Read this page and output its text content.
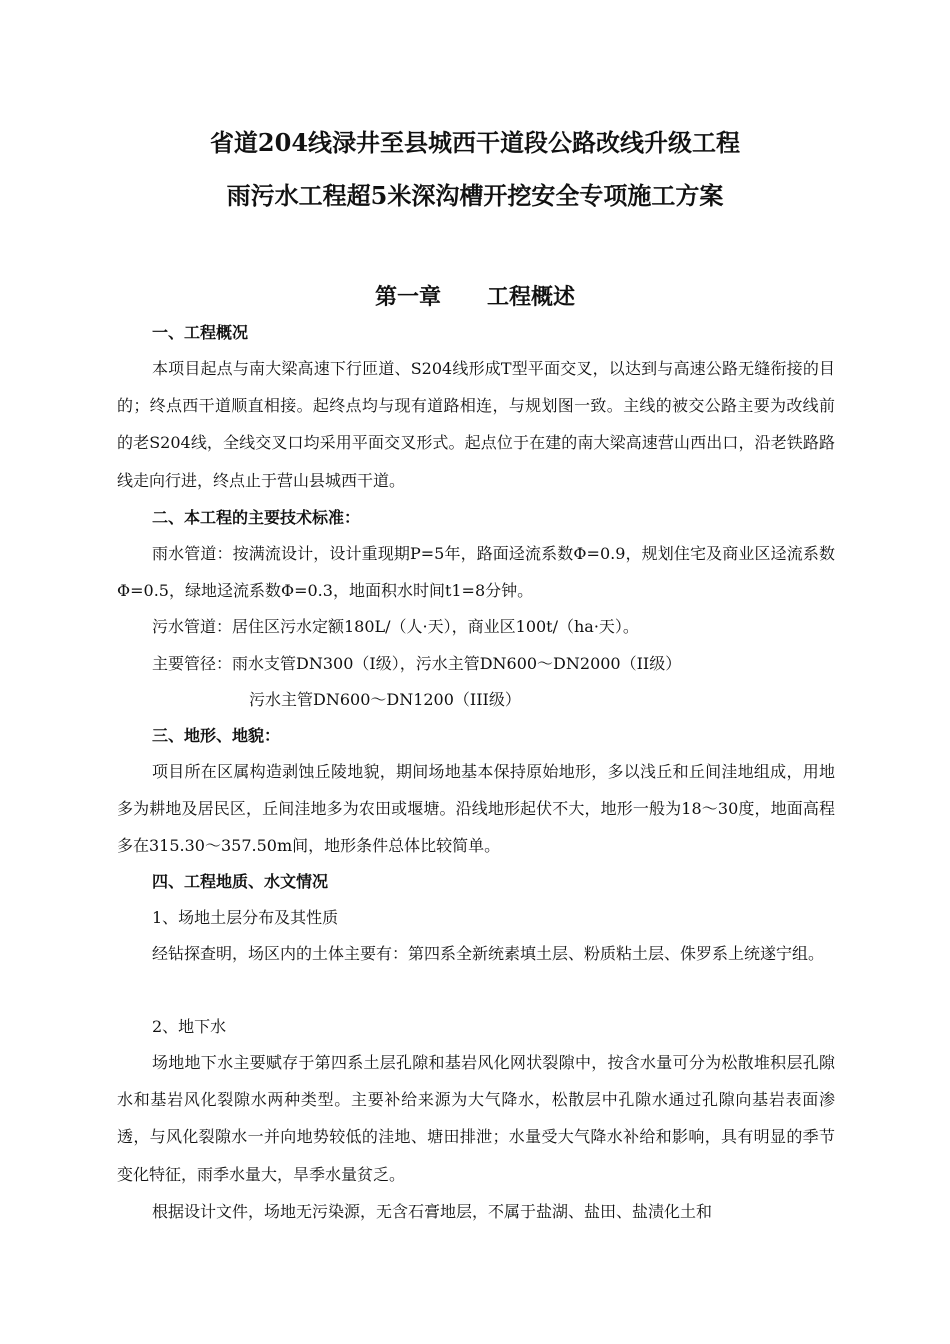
省道204线渌井至县城西干道段公路改线升级工程
雨污水工程超5米深沟槽开挖安全专项施工方案
第一章      工程概述
一、工程概况

本项目起点与南大梁高速下行匝道、S204线形成T型平面交叉，以达到与高速公路无缝衔接的目的；终点西干道顺直相接。起终点均与现有道路相连，与规划图一致。主线的被交公路主要为改线前的老S204线，全线交叉口均采用平面交叉形式。起点位于在建的南大梁高速营山西出口，沿老铁路路线走向行进，终点止于营山县城西干道。

二、本工程的主要技术标准：

雨水管道：按满流设计，设计重现期P=5年，路面迳流系数Φ=0.9，规划住宅及商业区迳流系数Φ=0.5，绿地迳流系数Φ=0.3，地面积水时间t1=8分钟。

污水管道：居住区污水定额180L/（人·天），商业区100t/（ha·天）。
主要管径：雨水支管DN300（I级），污水主管DN600～DN2000（II级）
污水主管DN600～DN1200（III级）
三、地形、地貌：

项目所在区属构造剥蚀丘陵地貌，期间场地基本保持原始地形，多以浅丘和丘间洼地组成，用地多为耕地及居民区，丘间洼地多为农田或堰塘。沿线地形起伏不大，地形一般为18～30度，地面高程多在315.30～357.50m间，地形条件总体比较简单。

四、工程地质、水文情况
1、场地土层分布及其性质

经钻探查明，场区内的土体主要有：第四系全新统素填土层、粉质粘土层、侏罗系上统遂宁组。

2、地下水

场地地下水主要赋存于第四系土层孔隙和基岩风化网状裂隙中，按含水量可分为松散堆积层孔隙水和基岩风化裂隙水两种类型。主要补给来源为大气降水，松散层中孔隙水通过孔隙向基岩表面渗透，与风化裂隙水一并向地势较低的洼地、塘田排泄；水量受大气降水补给和影响，具有明显的季节变化特征，雨季水量大，旱季水量贫乏。

根据设计文件，场地无污染源，无含石膏地层，不属于盐湖、盐田、盐渍化土和
